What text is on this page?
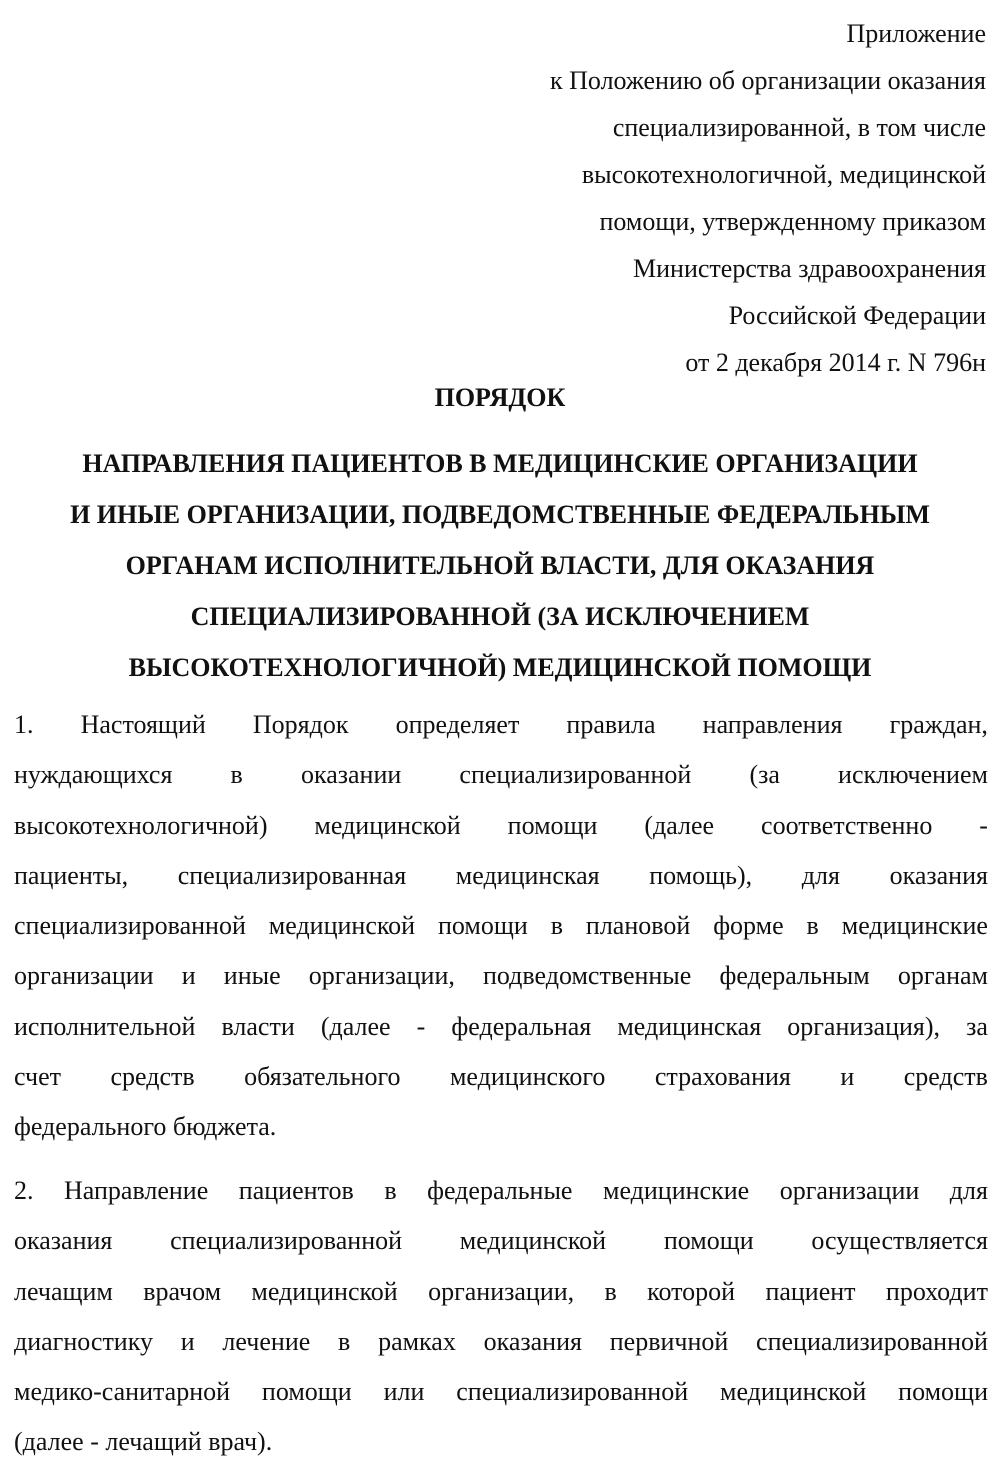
Приложение
к Положению об организации оказания
специализированной, в том числе
высокотехнологичной, медицинской
помощи, утвержденному приказом
Министерства здравоохранения
Российской Федерации
от 2 декабря 2014 г. N 796н
ПОРЯДОК
НАПРАВЛЕНИЯ ПАЦИЕНТОВ В МЕДИЦИНСКИЕ ОРГАНИЗАЦИИ
И ИНЫЕ ОРГАНИЗАЦИИ, ПОДВЕДОМСТВЕННЫЕ ФЕДЕРАЛЬНЫМ
ОРГАНАМ ИСПОЛНИТЕЛЬНОЙ ВЛАСТИ, ДЛЯ ОКАЗАНИЯ
СПЕЦИАЛИЗИРОВАННОЙ (ЗА ИСКЛЮЧЕНИЕМ
ВЫСОКОТЕХНОЛОГИЧНОЙ) МЕДИЦИНСКОЙ ПОМОЩИ
1. Настоящий Порядок определяет правила направления граждан,
нуждающихся в оказании специализированной (за исключением
высокотехнологичной) медицинской помощи (далее соответственно -
пациенты, специализированная медицинская помощь), для оказания
специализированной медицинской помощи в плановой форме в медицинские
организации и иные организации, подведомственные федеральным органам
исполнительной власти (далее - федеральная медицинская организация), за
счет средств обязательного медицинского страхования и средств
федерального бюджета.
2. Направление пациентов в федеральные медицинские организации для
оказания специализированной медицинской помощи осуществляется
лечащим врачом медицинской организации, в которой пациент проходит
диагностику и лечение в рамках оказания первичной специализированной
медико-санитарной помощи или специализированной медицинской помощи
(далее - лечащий врач).
